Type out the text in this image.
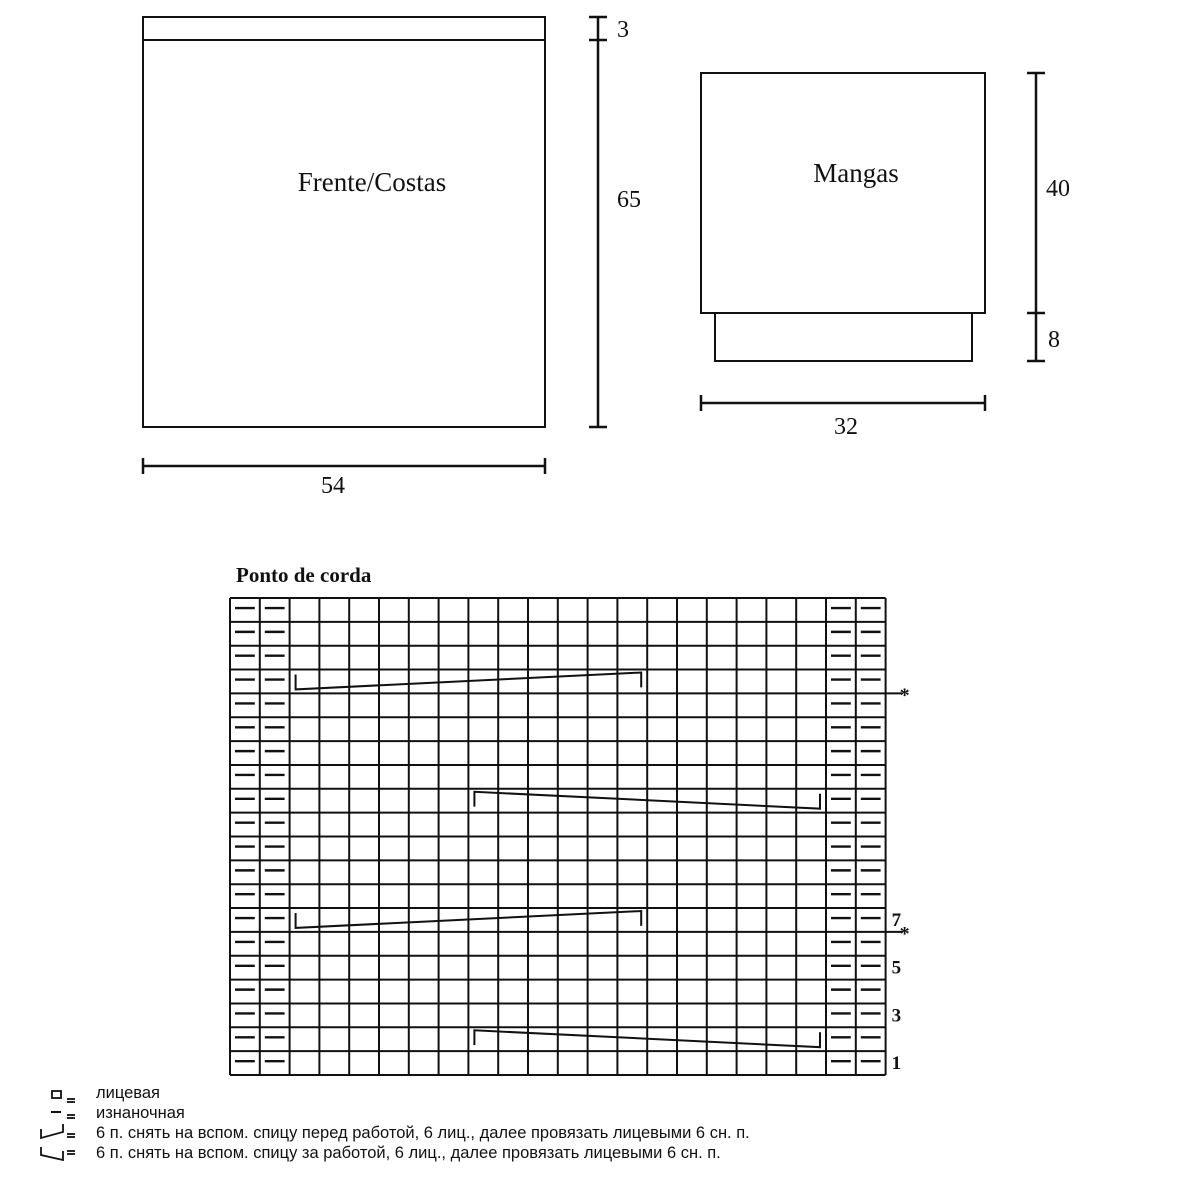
Frente/Costas
3
65
54
Mangas
40
8
32
Ponto de corda
*
*
1
3
5
7
лицевая
изнаночная
6 п. снять на вспом. спицу перед работой, 6 лиц., далее провязать лицевыми 6 сн. п.
6 п. снять на вспом. спицу за работой, 6 лиц., далее провязать лицевыми 6 сн. п.
